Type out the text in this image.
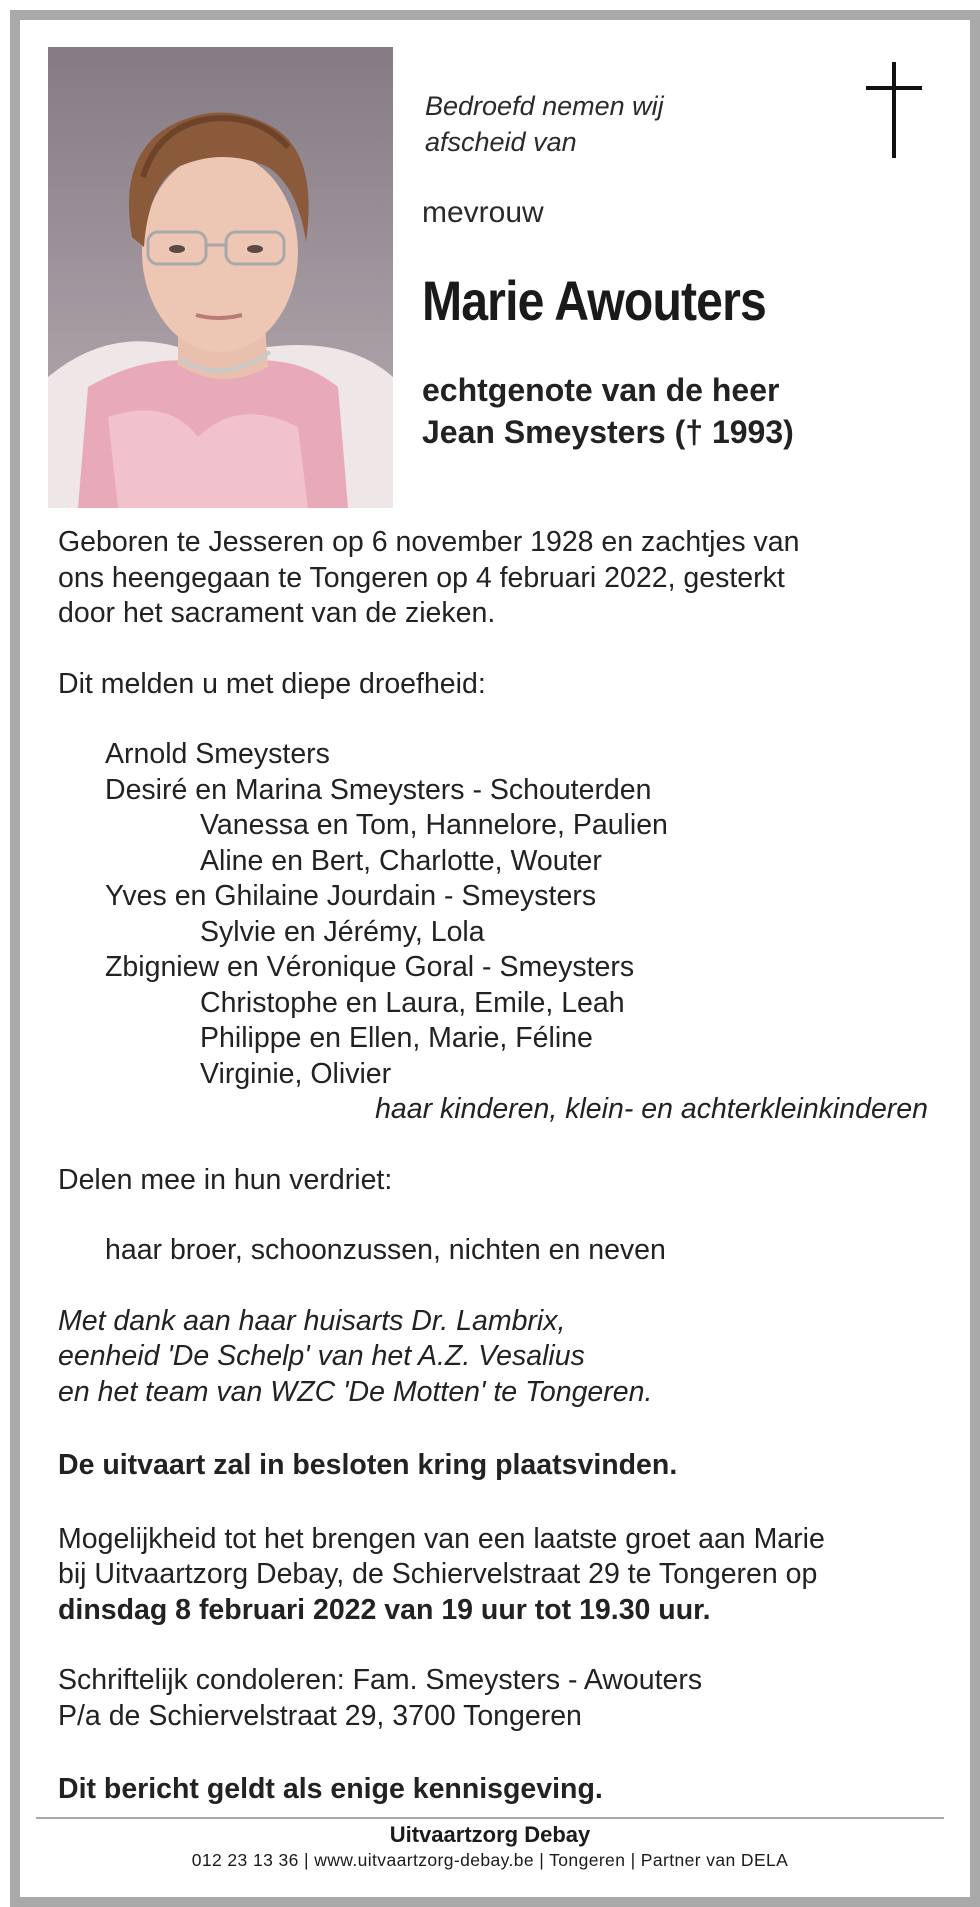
Bedroefd nemen wij
afscheid van
mevrouw
Marie Awouters
echtgenote van de heer
Jean Smeysters († 1993)

Geboren te Jesseren op 6 november 1928 en zachtjes van

ons heengegaan te Tongeren op 4 februari 2022, gesterkt

door het sacrament van de zieken.

Dit melden u met diepe droefheid:

Arnold Smeysters

Desiré en Marina Smeysters - Schouterden

Vanessa en Tom, Hannelore, Paulien

Aline en Bert, Charlotte, Wouter

Yves en Ghilaine Jourdain - Smeysters

Sylvie en Jérémy, Lola

Zbigniew en Véronique Goral - Smeysters

Christophe en Laura, Emile, Leah

Philippe en Ellen, Marie, Féline

Virginie, Olivier

haar kinderen, klein- en achterkleinkinderen

Delen mee in hun verdriet:

haar broer, schoonzussen, nichten en neven

Met dank aan haar huisarts Dr. Lambrix,

eenheid 'De Schelp' van het A.Z. Vesalius

en het team van WZC 'De Motten' te Tongeren.

De uitvaart zal in besloten kring plaatsvinden.

Mogelijkheid tot het brengen van een laatste groet aan Marie

bij Uitvaartzorg Debay, de Schiervelstraat 29 te Tongeren op

dinsdag 8 februari 2022 van 19 uur tot 19.30 uur.

Schriftelijk condoleren: Fam. Smeysters - Awouters

P/a de Schiervelstraat 29, 3700 Tongeren

Dit bericht geldt als enige kennisgeving.

Uitvaartzorg Debay
012 23 13 36 | www.uitvaartzorg-debay.be | Tongeren | Partner van DELA
